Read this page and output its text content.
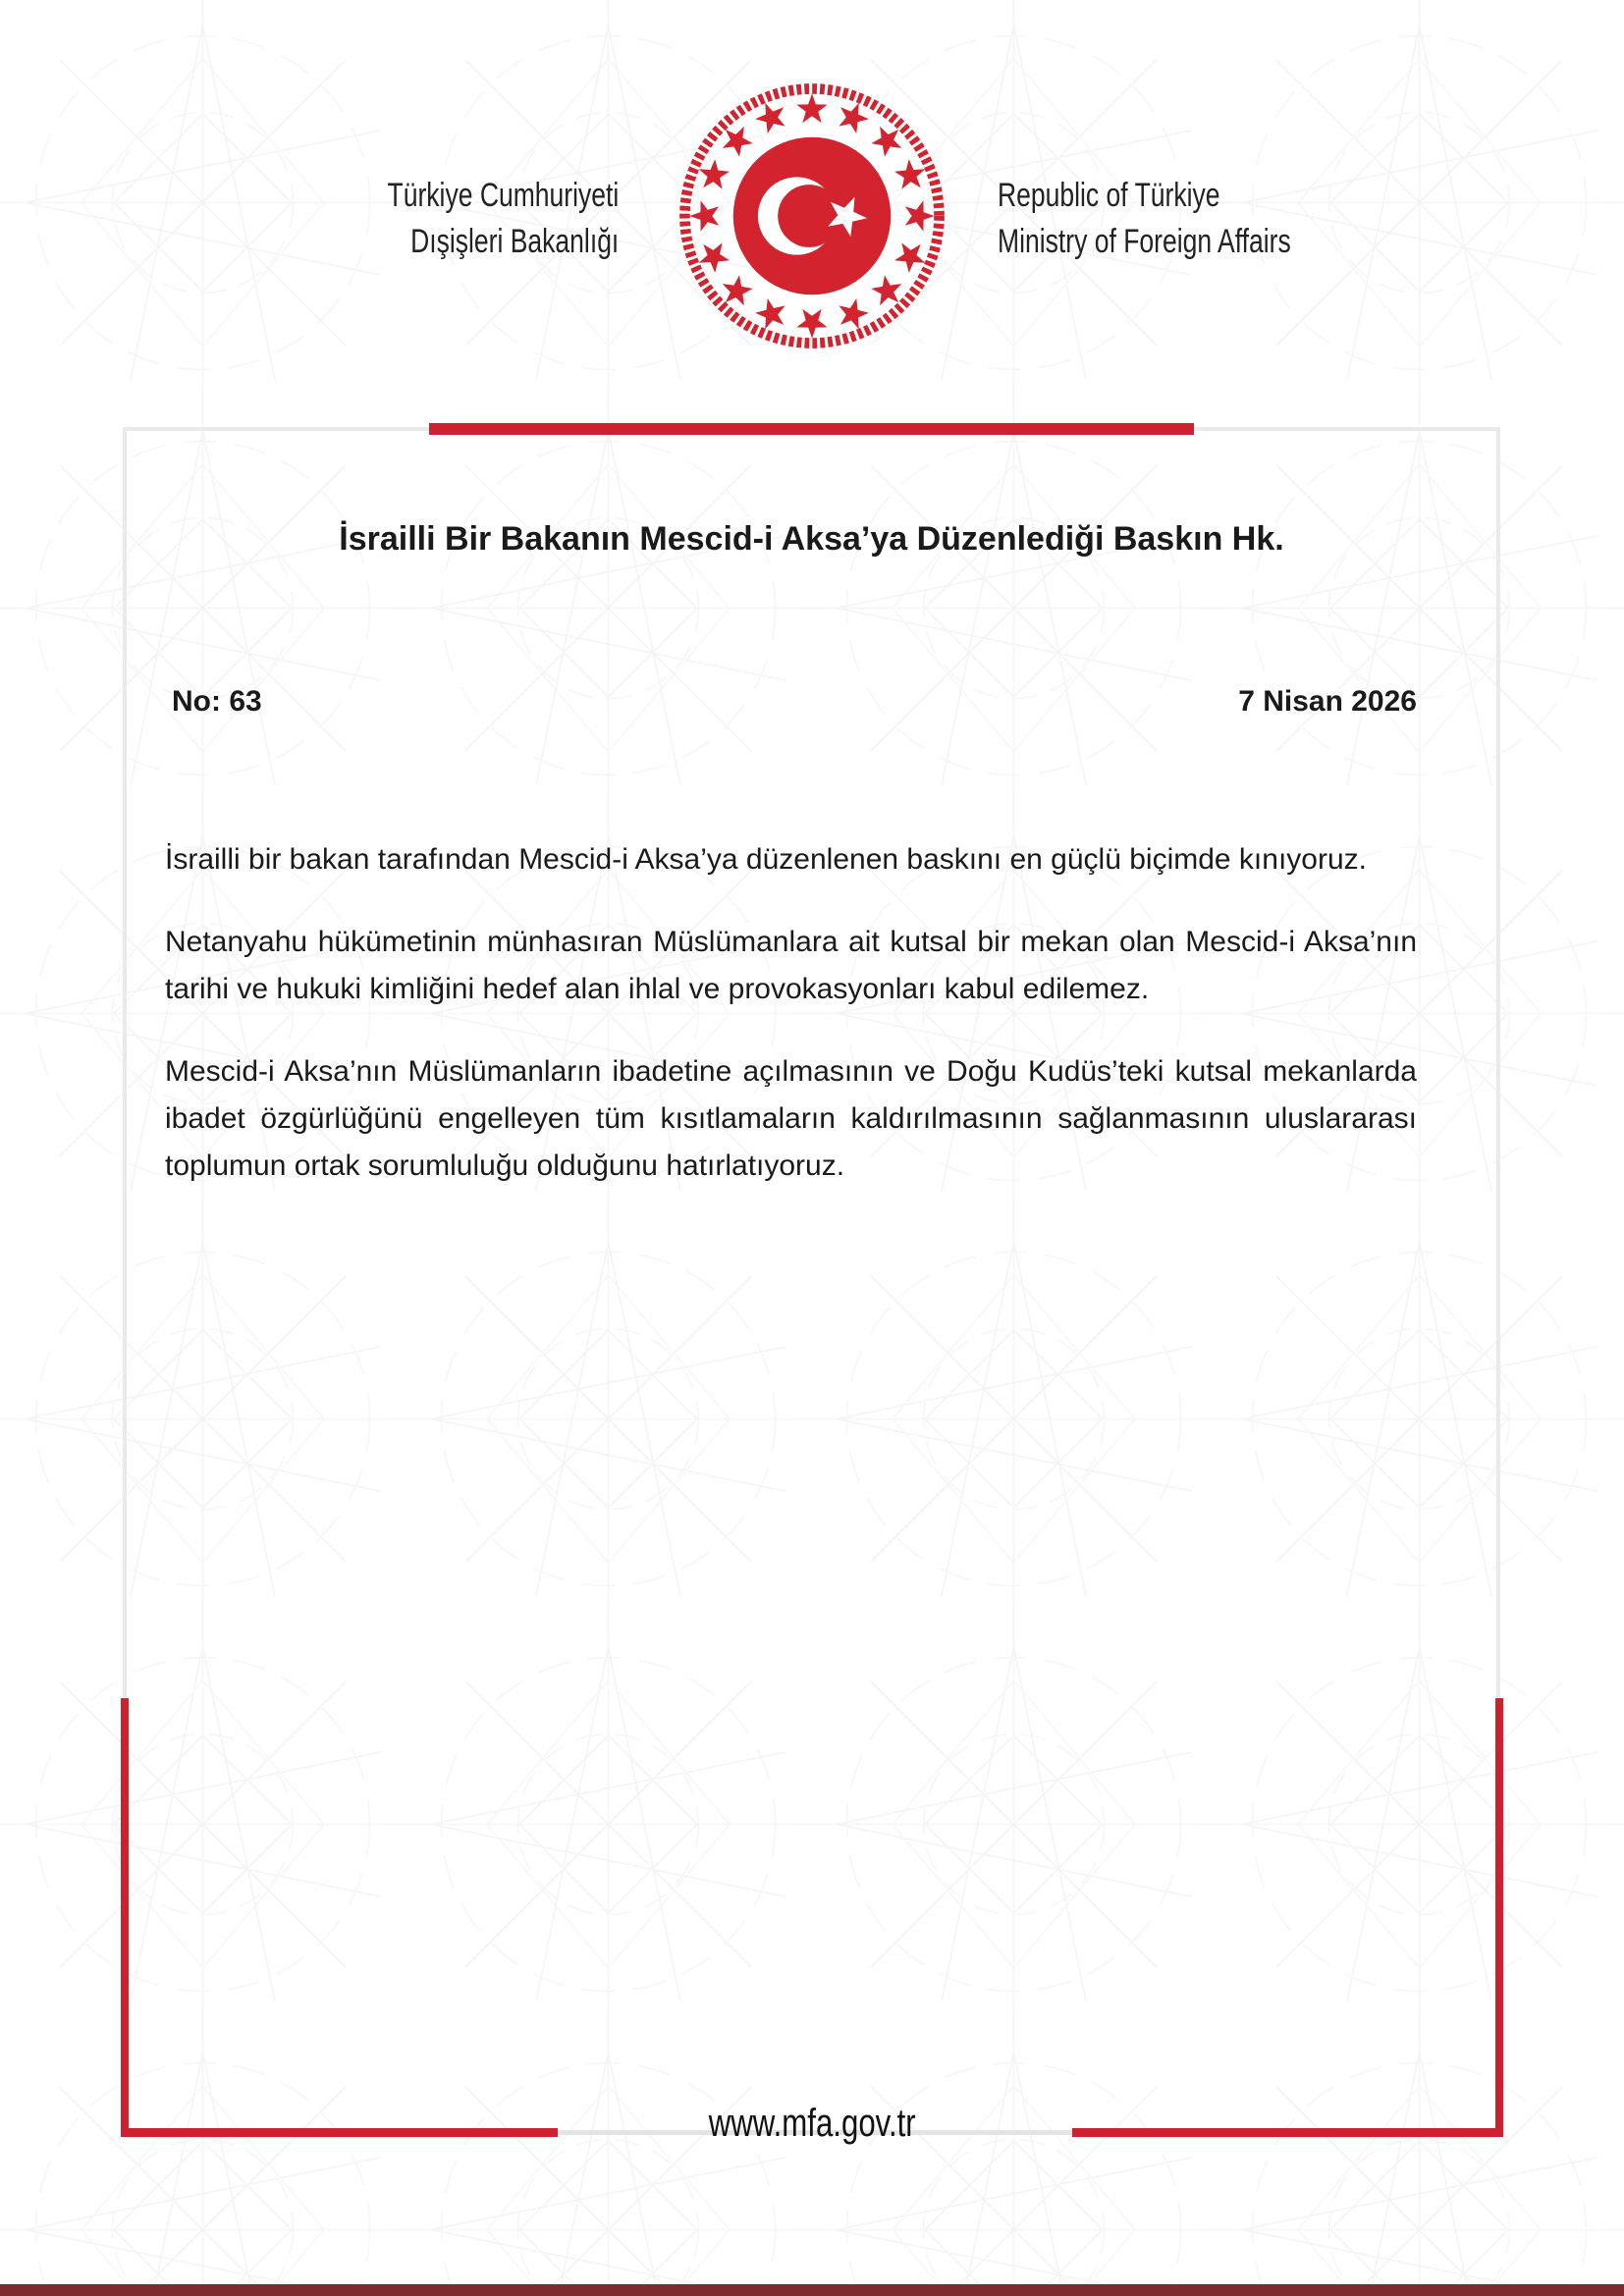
Türkiye Cumhuriyeti
Dışişleri Bakanlığı
Republic of Türkiye
Ministry of Foreign Affairs
İsrailli Bir Bakanın Mescid-i Aksa’ya Düzenlediği Baskın Hk.
No: 63	7 Nisan 2026

İsrailli bir bakan tarafından Mescid-i Aksa’ya düzenlenen baskını en güçlü biçimde kınıyoruz.

Netanyahu hükümetinin münhasıran Müslümanlara ait kutsal bir mekan olan Mescid-i Aksa’nın tarihi ve hukuki kimliğini hedef alan ihlal ve provokasyonları kabul edilemez.

Mescid-i Aksa’nın Müslümanların ibadetine açılmasının ve Doğu Kudüs’teki kutsal mekanlarda ibadet özgürlüğünü engelleyen tüm kısıtlamaların kaldırılmasının sağlanmasının uluslararası toplumun ortak sorumluluğu olduğunu hatırlatıyoruz.

www.mfa.gov.tr
